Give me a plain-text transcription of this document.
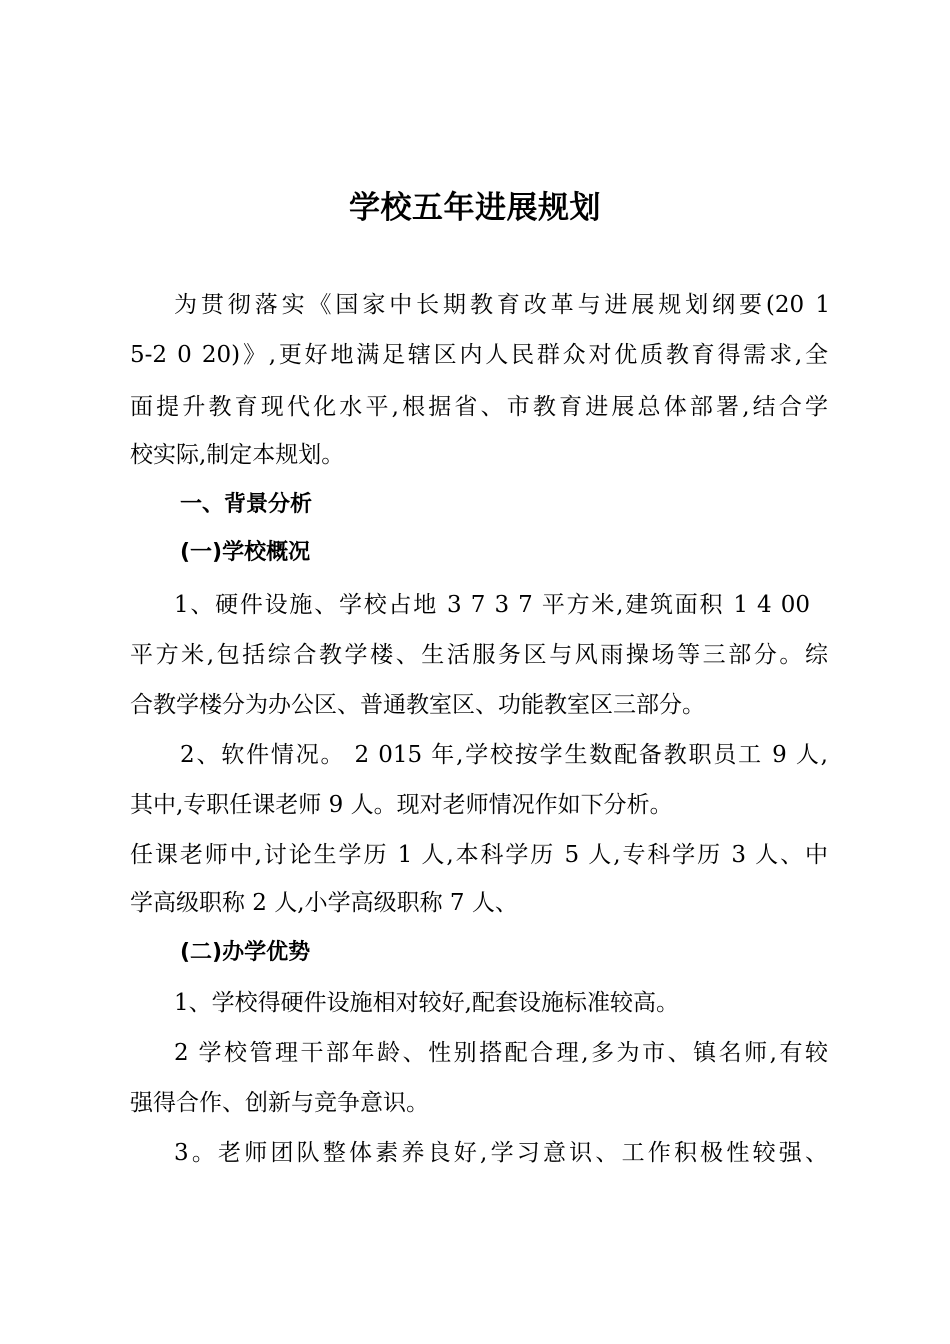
学校五年进展规划
为贯彻落实《国家中长期教育改革与进展规划纲要(20 1
5-2 0 20)》,更好地满足辖区内人民群众对优质教育得需求,全
面提升教育现代化水平,根据省、市教育进展总体部署,结合学
校实际,制定本规划。
一、背景分析
(一)学校概况
1、硬件设施、学校占地 3 7 3 7 平方米,建筑面积 1 4 00
平方米,包括综合教学楼、生活服务区与风雨操场等三部分。综
合教学楼分为办公区、普通教室区、功能教室区三部分。
2、软件情况。 2 015 年,学校按学生数配备教职员工 9 人,
其中,专职任课老师 9 人。现对老师情况作如下分析。
任课老师中,讨论生学历 1 人,本科学历 5 人,专科学历 3 人、中
学高级职称 2 人,小学高级职称 7 人、
(二)办学优势
1、学校得硬件设施相对较好,配套设施标准较高。
2 学校管理干部年龄、性别搭配合理,多为市、镇名师,有较
强得合作、创新与竞争意识。
3。老师团队整体素养良好,学习意识、工作积极性较强、
